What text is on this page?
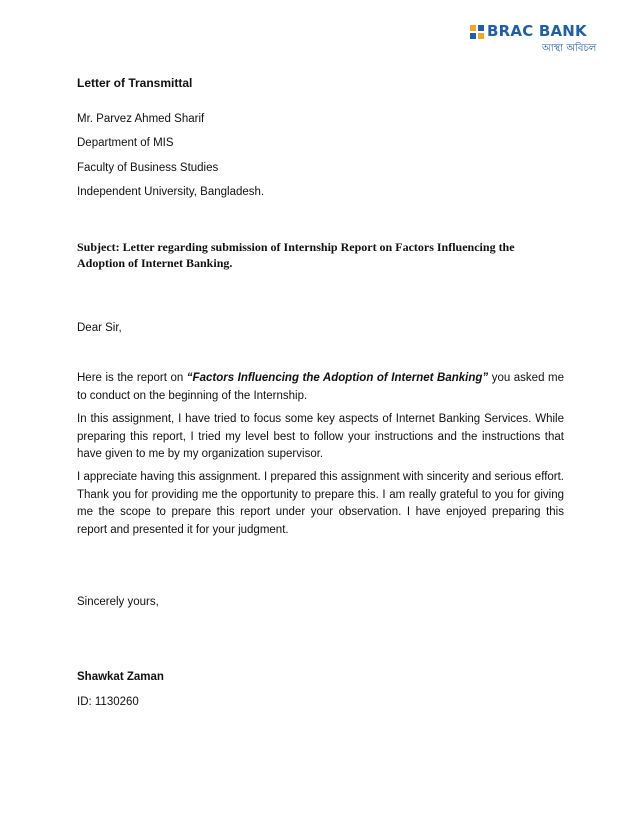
BRAC BANK
আস্থা অবিচল
Letter of Transmittal
Mr. Parvez Ahmed Sharif
Department of MIS
Faculty of Business Studies
Independent University, Bangladesh.
Subject: Letter regarding submission of Internship Report on Factors Influencing the Adoption of Internet Banking.
Dear Sir,
Here is the report on “Factors Influencing the Adoption of Internet Banking” you asked me to conduct on the beginning of the Internship.
In this assignment, I have tried to focus some key aspects of Internet Banking Services. While preparing this report, I tried my level best to follow your instructions and the instructions that have given to me by my organization supervisor.
I appreciate having this assignment. I prepared this assignment with sincerity and serious effort. Thank you for providing me the opportunity to prepare this. I am really grateful to you for giving me the scope to prepare this report under your observation. I have enjoyed preparing this report and presented it for your judgment.
Sincerely yours,
Shawkat Zaman
ID: 1130260
